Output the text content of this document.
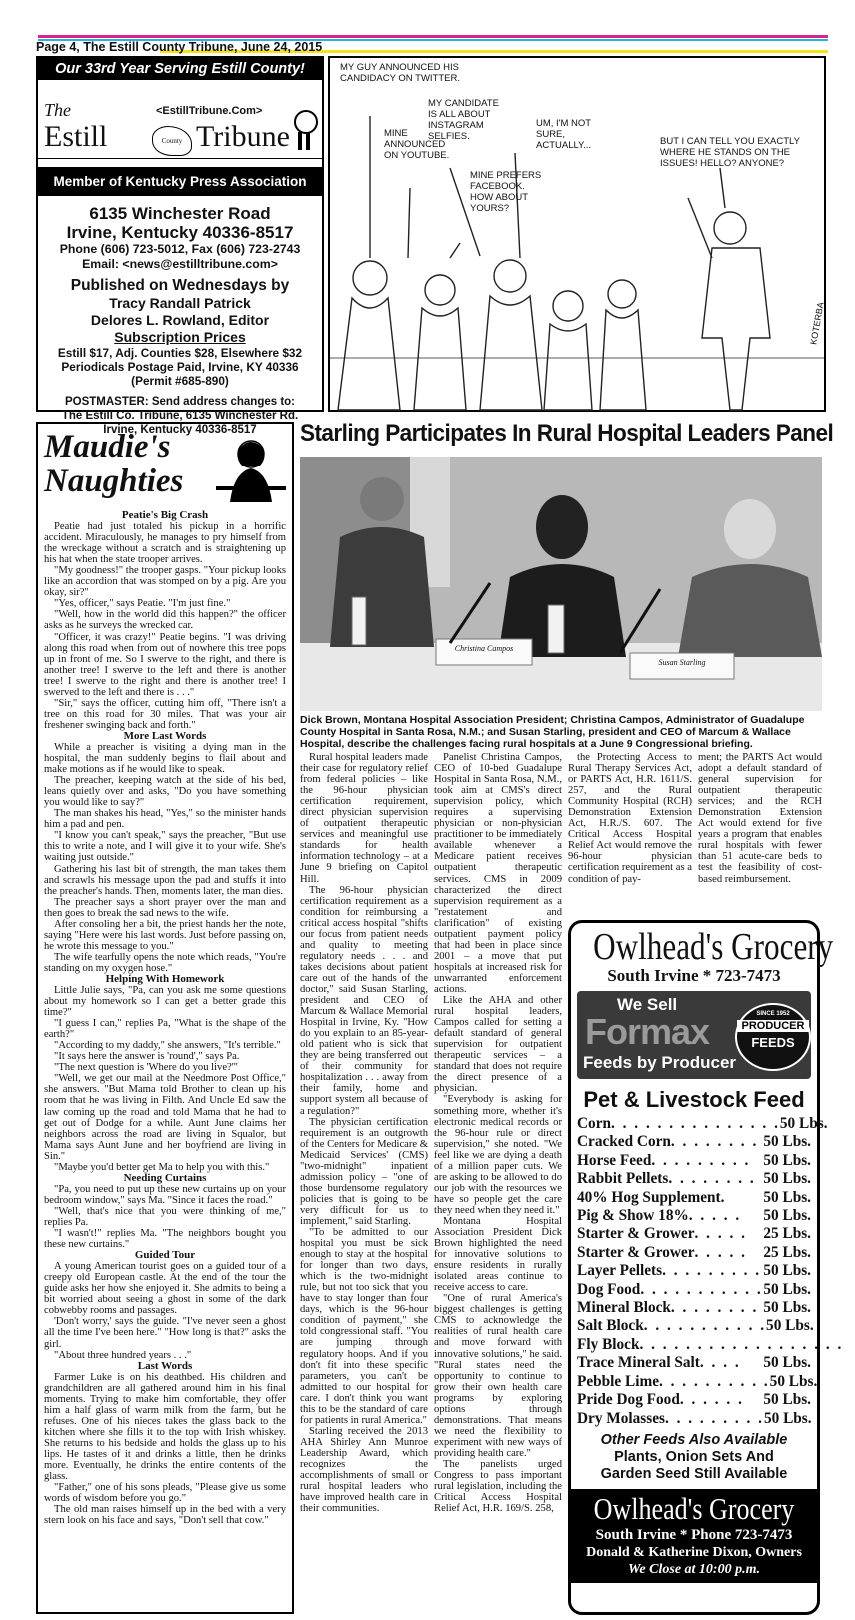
Page 4, The Estill County Tribune, June 24, 2015
Our 33rd Year Serving Estill County!
The	<EstillTribune.Com>
Estill	County Tribune
Member of Kentucky Press Association
6135 Winchester Road
Irvine, Kentucky 40336-8517
Phone (606) 723-5012, Fax (606) 723-2743
Email: <news@estilltribune.com>
Published on Wednesdays by
Tracy Randall Patrick
Delores L. Rowland, Editor
Subscription Prices
Estill $17, Adj. Counties $28, Elsewhere $32
Periodicals Postage Paid, Irvine, KY 40336
(Permit #685-890)
POSTMASTER: Send address changes to:
The Estill Co. Tribune, 6135 Winchester Rd.
Irvine, Kentucky 40336-8517
MY GUY ANNOUNCED HIS CANDIDACY ON TWITTER.
MINE ANNOUNCED ON YOUTUBE.
MY CANDIDATE IS ALL ABOUT INSTAGRAM SELFIES.
UM, I'M NOT SURE, ACTUALLY...
MINE PREFERS FACEBOOK. HOW ABOUT YOURS?
BUT I CAN TELL YOU EXACTLY WHERE HE STANDS ON THE ISSUES! HELLO? ANYONE?
KOTERBA
Maudie's
Naughties
Peatie's Big Crash

Peatie had just totaled his pickup in a horrific accident. Miraculously, he manages to pry himself from the wreckage without a scratch and is straightening up his hat when the state trooper arrives.

"My goodness!" the trooper gasps. "Your pickup looks like an accordion that was stomped on by a pig. Are you okay, sir?"

"Yes, officer," says Peatie. "I'm just fine."

"Well, how in the world did this happen?" the officer asks as he surveys the wrecked car.

"Officer, it was crazy!" Peatie begins. "I was driving along this road when from out of nowhere this tree pops up in front of me. So I swerve to the right, and there is another tree! I swerve to the left and there is another tree! I swerve to the right and there is another tree! I swerved to the left and there is . . ."

"Sir," says the officer, cutting him off, "There isn't a tree on this road for 30 miles. That was your air freshener swinging back and forth."

More Last Words

While a preacher is visiting a dying man in the hospital, the man suddenly begins to flail about and make motions as if he would like to speak.

The preacher, keeping watch at the side of his bed, leans quietly over and asks, "Do you have something you would like to say?"

The man shakes his head, "Yes," so the minister hands him a pad and pen.

"I know you can't speak," says the preacher, "But use this to write a note, and I will give it to your wife. She's waiting just outside."

Gathering his last bit of strength, the man takes them and scrawls his message upon the pad and stuffs it into the preacher's hands. Then, moments later, the man dies.

The preacher says a short prayer over the man and then goes to break the sad news to the wife.

After consoling her a bit, the priest hands her the note, saying "Here were his last words. Just before passing on, he wrote this message to you."

The wife tearfully opens the note which reads, "You're standing on my oxygen hose."

Helping With Homework

Little Julie says, "Pa, can you ask me some questions about my homework so I can get a better grade this time?"

"I guess I can," replies Pa, "What is the shape of the earth?"

"According to my daddy," she answers, "It's terrible."

"It says here the answer is 'round'," says Pa.

"The next question is 'Where do you live?'"

"Well, we get our mail at the Needmore Post Office," she answers. "But Mama told Brother to clean up his room that he was living in Filth. And Uncle Ed saw the law coming up the road and told Mama that he had to get out of Dodge for a while. Aunt June claims her neighbors across the road are living in Squalor, but Mama says Aunt June and her boyfriend are living in Sin."

"Maybe you'd better get Ma to help you with this."

Needing Curtains

"Pa, you need to put up these new curtains up on your bedroom window," says Ma. "Since it faces the road."

"Well, that's nice that you were thinking of me," replies Pa.

"I wasn't!" replies Ma. "The neighbors bought you these new curtains."

Guided Tour

A young American tourist goes on a guided tour of a creepy old European castle. At the end of the tour the guide asks her how she enjoyed it. She admits to being a bit worried about seeing a ghost in some of the dark cobwebby rooms and passages.

'Don't worry,' says the guide. "I've never seen a ghost all the time I've been here." "How long is that?" asks the girl.

"About three hundred years . . ."

Last Words

Farmer Luke is on his deathbed. His children and grandchildren are all gathered around him in his final moments. Trying to make him comfortable, they offer him a half glass of warm milk from the farm, but he refuses. One of his nieces takes the glass back to the kitchen where she fills it to the top with Irish whiskey. She returns to his bedside and holds the glass up to his lips. He tastes of it and drinks a little, then he drinks more. Eventually, he drinks the entire contents of the glass.

"Father," one of his sons pleads, "Please give us some words of wisdom before you go."

The old man raises himself up in the bed with a very stern look on his face and says, "Don't sell that cow."

Starling Participates In Rural Hospital Leaders Panel
Christina Campos
Susan Starling
Dick Brown, Montana Hospital Association President; Christina Campos, Administrator of Guadalupe County Hospital in Santa Rosa, N.M.; and Susan Starling, president and CEO of Marcum & Wallace Hospital, describe the challenges facing rural hospitals at a June 9 Congressional briefing.

Rural hospital leaders made their case for regulatory relief from federal policies – like the 96-hour physician certification requirement, direct physician supervision of outpatient therapeutic services and meaningful use standards for health information technology – at a June 9 briefing on Capitol Hill.

The 96-hour physician certification requirement as a condition for reimbursing a critical access hospital "shifts our focus from patient needs and quality to meeting regulatory needs . . . and takes decisions about patient care out of the hands of the doctor," said Susan Starling, president and CEO of Marcum & Wallace Memorial Hospital in Irvine, Ky. "How do you explain to an 85-year-old patient who is sick that they are being transferred out of their community for hospitalization . . . away from their family, home and support system all because of a regulation?"

The physician certification requirement is an outgrowth of the Centers for Medicare & Medicaid Services' (CMS) "two-midnight" inpatient admission policy – "one of those burdensome regulatory policies that is going to be very difficult for us to implement," said Starling.

"To be admitted to our hospital you must be sick enough to stay at the hospital for longer than two days, which is the two-midnight rule, but not too sick that you have to stay longer than four days, which is the 96-hour condition of payment," she told congressional staff. "You are jumping through regulatory hoops. And if you don't fit into these specific parameters, you can't be admitted to our hospital for care. I don't think you want this to be the standard of care for patients in rural America."

Starling received the 2013 AHA Shirley Ann Munroe Leadership Award, which recognizes the accomplishments of small or rural hospital leaders who have improved health care in their communities.

Panelist Christina Campos, CEO of 10-bed Guadalupe Hospital in Santa Rosa, N.M., took aim at CMS's direct supervision policy, which requires a supervising physician or non-physician practitioner to be immediately available whenever a Medicare patient receives outpatient therapeutic services. CMS in 2009 characterized the direct supervision requirement as a "restatement and clarification" of existing outpatient payment policy that had been in place since 2001 – a move that put hospitals at increased risk for unwarranted enforcement actions.

Like the AHA and other rural hospital leaders, Campos called for setting a default standard of general supervision for outpatient therapeutic services – a standard that does not require the direct presence of a physician.

"Everybody is asking for something more, whether it's electronic medical records or the 96-hour rule or direct supervision," she noted. "We feel like we are dying a death of a million paper cuts. We are asking to be allowed to do our job with the resources we have so people get the care they need when they need it."

Montana Hospital Association President Dick Brown highlighted the need for innovative solutions to ensure residents in rurally isolated areas continue to receive access to care.

"One of rural America's biggest challenges is getting CMS to acknowledge the realities of rural health care and move forward with innovative solutions," he said. "Rural states need the opportunity to continue to grow their own health care programs by exploring options through demonstrations. That means we need the flexibility to experiment with new ways of providing health care."

The panelists urged Congress to pass important rural legislation, including the Critical Access Hospital Relief Act, H.R. 169/S. 258,

the Protecting Access to Rural Therapy Services Act, or PARTS Act, H.R. 1611/S. 257, and the Rural Community Hospital (RCH) Demonstration Extension Act, H.R./S. 607. The Critical Access Hospital Relief Act would remove the 96-hour physician certification requirement as a condition of pay-

ment; the PARTS Act would adopt a default standard of general supervision for outpatient therapeutic services; and the RCH Demonstration Extension Act would extend for five years a program that enables rural hospitals with fewer than 51 acute-care beds to test the feasibility of cost-based reimbursement.

Owlhead's Grocery
South Irvine * 723-7473
We Sell
Formax
Feeds by Producer
SINCE 1952
PRODUCER
FEEDS
Pet & Livestock Feed
Corn . . . . . . . . . . . . . . . 50 Lbs.
Cracked Corn . . . . . . . . 50 Lbs.
Horse Feed . . . . . . . . . 50 Lbs.
Rabbit Pellets . . . . . . . . 50 Lbs.
40% Hog Supplement .	50 Lbs.
Pig & Show 18% . . . . .	50 Lbs.
Starter & Grower . . . . .	25 Lbs.
Starter & Grower . . . . .	25 Lbs.
Layer Pellets . . . . . . . . . 50 Lbs.
Dog Food . . . . . . . . . . . 50 Lbs.
Mineral Block . . . . . . . . 50 Lbs.
Salt Block . . . . . . . . . . . 50 Lbs.
Fly Block . . . . . . . . . . . . . . . . . .
Trace Mineral Salt . . . .	50 Lbs.
Pebble Lime . . . . . . . . . . 50 Lbs.
Pride Dog Food . . . . . .	50 Lbs.
Dry Molasses . . . . . . . . . 50 Lbs.
Other Feeds Also Available
Plants, Onion Sets And
Garden Seed Still Available
Owlhead's Grocery
South Irvine * Phone 723-7473
Donald & Katherine Dixon, Owners
We Close at 10:00 p.m.
